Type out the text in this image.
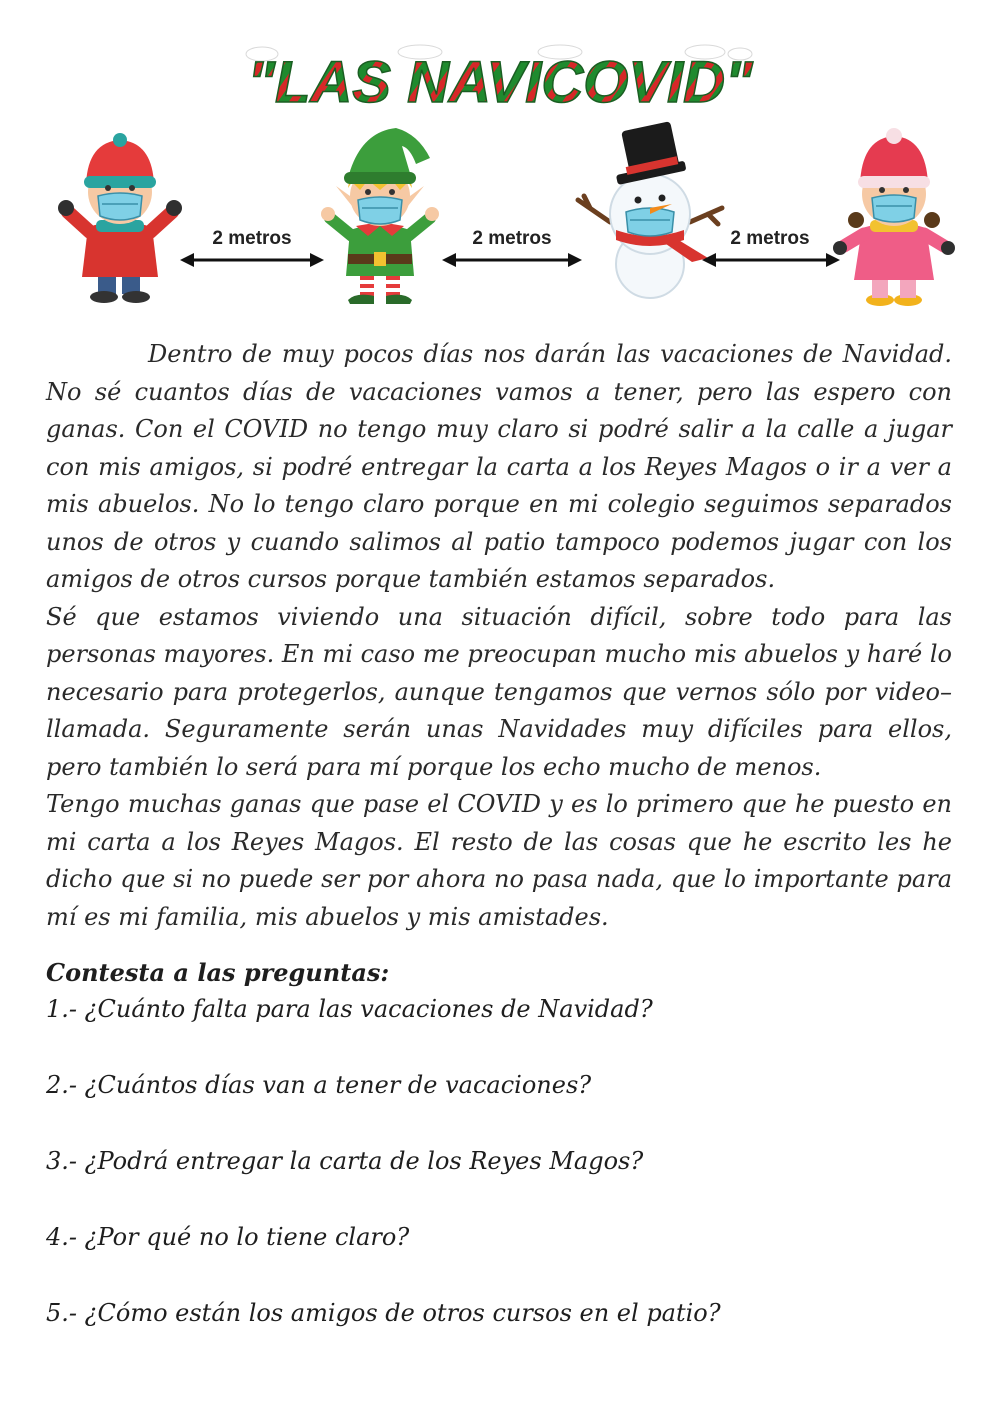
"LAS NAVICOVID"
2 metros	2 metros	2 metros

Dentro de muy pocos días nos darán las vacaciones de Navidad. No sé cuantos días de vacaciones vamos a tener, pero las espero con ganas. Con el COVID no tengo muy claro si podré salir a la calle a jugar con mis amigos, si podré entregar la carta a los Reyes Magos o ir a ver a mis abuelos. No lo tengo claro porque en mi colegio seguimos separados unos de otros y cuando salimos al patio tampoco podemos jugar con los amigos de otros cursos porque también estamos separados.

Sé que estamos viviendo una situación difícil, sobre todo para las personas mayores. En mi caso me preocupan mucho mis abuelos y haré lo necesario para protegerlos, aunque tengamos que vernos sólo por video–llamada. Seguramente serán unas Navidades muy difíciles para ellos, pero también lo será para mí porque los echo mucho de menos.

Tengo muchas ganas que pase el COVID y es lo primero que he puesto en mi carta a los Reyes Magos. El resto de las cosas que he escrito les he dicho que si no puede ser por ahora no pasa nada, que lo importante para mí es mi familia, mis abuelos y mis amistades.

Contesta a las preguntas:

1.- ¿Cuánto falta para las vacaciones de Navidad?

2.- ¿Cuántos días van a tener de vacaciones?

3.- ¿Podrá entregar la carta de los Reyes Magos?

4.- ¿Por qué no lo tiene claro?

5.- ¿Cómo están los amigos de otros cursos en el patio?
